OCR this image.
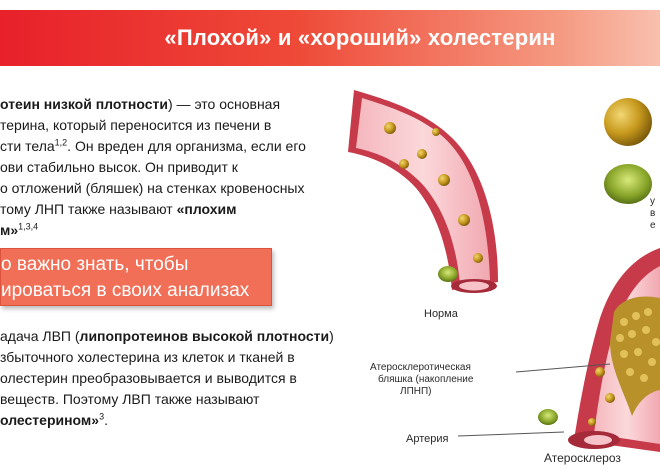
«Плохой» и «хороший» холестерин
отеин низкой плотности) — это основная
терина, который переносится из печени в
сти тела$^{1,2}$. Он вреден для организма, если его
ови стабильно высок. Он приводит к
о отложений (бляшек) на стенках кровеносных
тому ЛНП также называют «плохим
м»$^{1,3,4}$
о важно знать, чтобы
ироваться в своих анализах
адача ЛВП (липопротеинов высокой плотности)
збыточного холестерина из клеток и тканей в
олестерин преобразовывается и выводится в
веществ. Поэтому ЛВП также называют
олестерином»$^3$.
у
в
е
Норма
Атеросклеротическая
бляшка (накопление
ЛПНП)
Артерия
Атеросклероз
